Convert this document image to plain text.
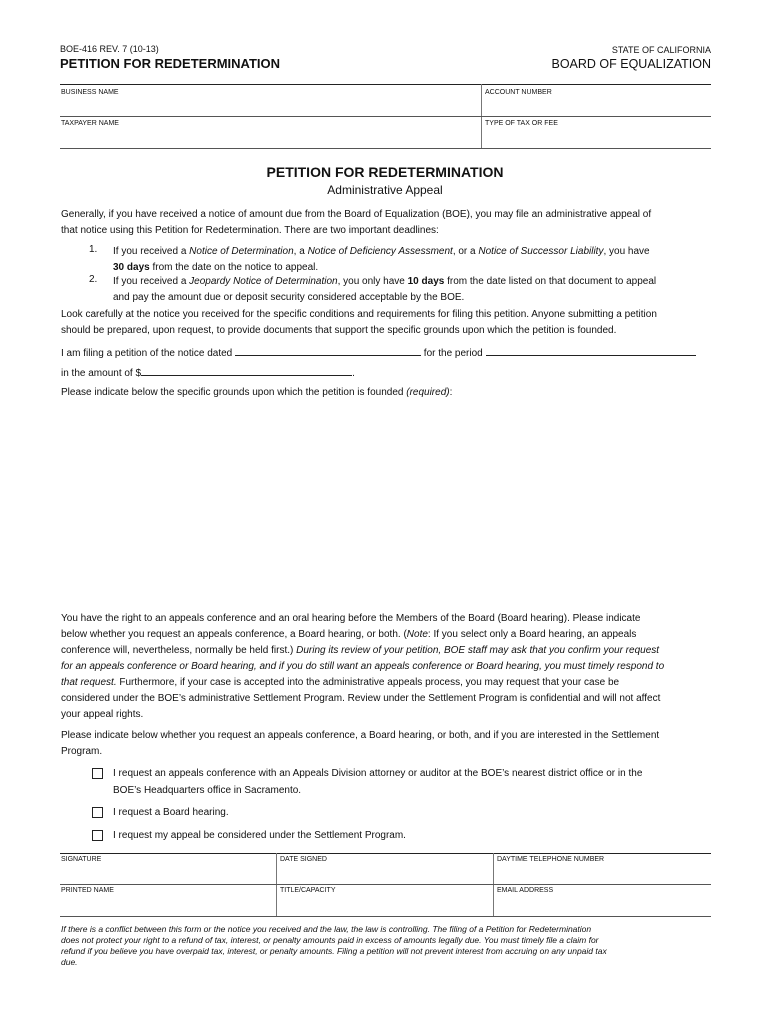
BOE-416 REV. 7 (10-13)
PETITION FOR REDETERMINATION
STATE OF CALIFORNIA
BOARD OF EQUALIZATION
BUSINESS NAME	ACCOUNT NUMBER
TAXPAYER NAME	TYPE OF TAX OR FEE
PETITION FOR REDETERMINATION
Administrative Appeal
Generally, if you have received a notice of amount due from the Board of Equalization (BOE), you may file an administrative appeal of
that notice using this Petition for Redetermination. There are two important deadlines:
1. If you received a Notice of Determination, a Notice of Deficiency Assessment, or a Notice of Successor Liability, you have
30 days from the date on the notice to appeal.
2. If you received a Jeopardy Notice of Determination, you only have 10 days from the date listed on that document to appeal
and pay the amount due or deposit security considered acceptable by the BOE.
Look carefully at the notice you received for the specific conditions and requirements for filing this petition. Anyone submitting a petition
should be prepared, upon request, to provide documents that support the specific grounds upon which the petition is founded.
I am filing a petition of the notice dated	for the period
in the amount of $	.
Please indicate below the specific grounds upon which the petition is founded (required):
You have the right to an appeals conference and an oral hearing before the Members of the Board (Board hearing). Please indicate
below whether you request an appeals conference, a Board hearing, or both. (Note: If you select only a Board hearing, an appeals
conference will, nevertheless, normally be held first.) During its review of your petition, BOE staff may ask that you confirm your request
for an appeals conference or Board hearing, and if you do still want an appeals conference or Board hearing, you must timely respond to
that request. Furthermore, if your case is accepted into the administrative appeals process, you may request that your case be
considered under the BOE’s administrative Settlement Program. Review under the Settlement Program is confidential and will not affect
your appeal rights.
Please indicate below whether you request an appeals conference, a Board hearing, or both, and if you are interested in the Settlement
Program.
I request an appeals conference with an Appeals Division attorney or auditor at the BOE’s nearest district office or in the
BOE’s Headquarters office in Sacramento.
I request a Board hearing.
I request my appeal be considered under the Settlement Program.
SIGNATURE	DATE SIGNED	DAYTIME TELEPHONE NUMBER
PRINTED NAME	TITLE/CAPACITY	EMAIL ADDRESS
If there is a conflict between this form or the notice you received and the law, the law is controlling. The filing of a Petition for Redetermination
does not protect your right to a refund of tax, interest, or penalty amounts paid in excess of amounts legally due. You must timely file a claim for
refund if you believe you have overpaid tax, interest, or penalty amounts. Filing a petition will not prevent interest from accruing on any unpaid tax
due.
